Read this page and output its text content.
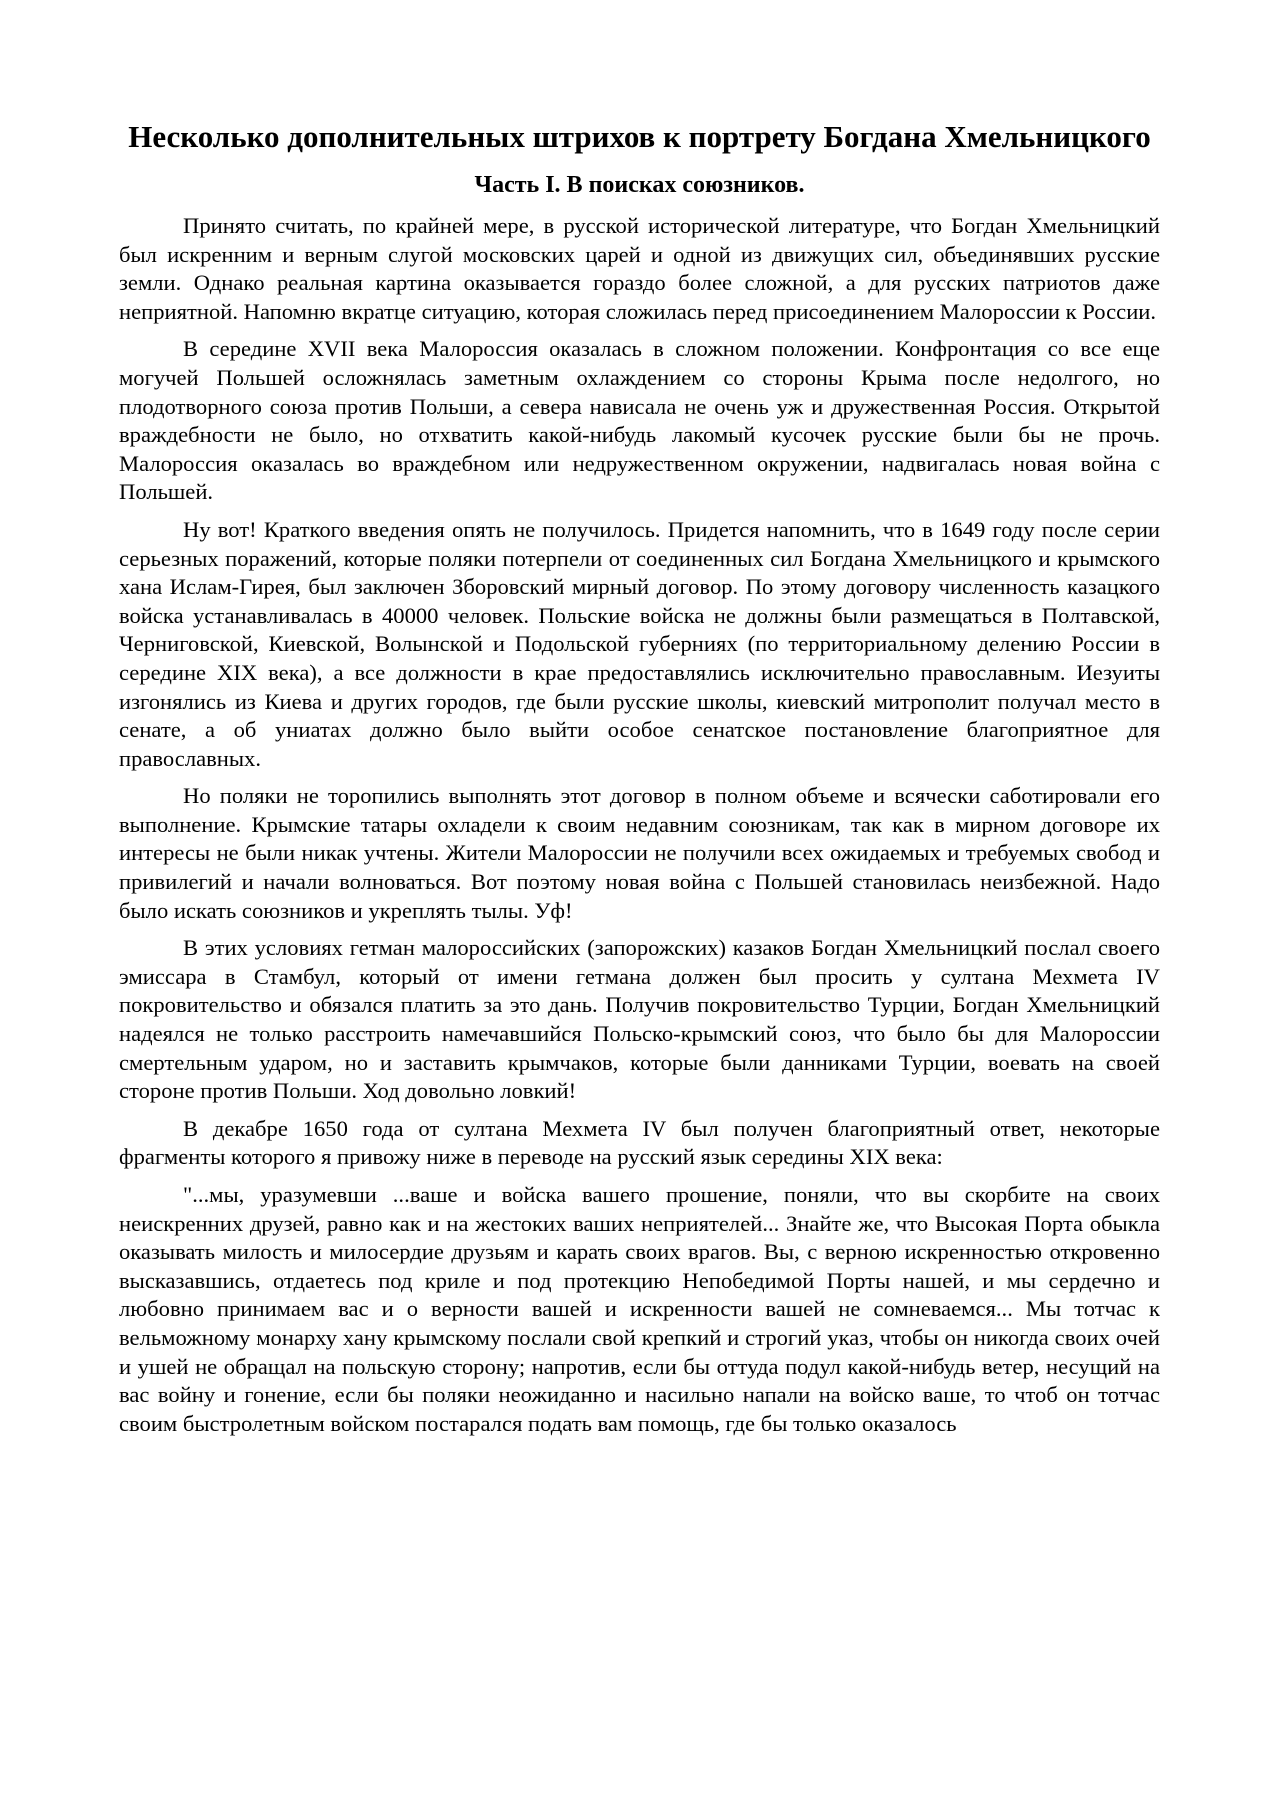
Несколько дополнительных штрихов к портрету Богдана Хмельницкого
Часть I. В поисках союзников.

Принято считать, по крайней мере, в русской исторической литературе, что Богдан Хмельницкий был искренним и верным слугой московских царей и одной из движущих сил, объединявших русские земли. Однако реальная картина оказывается гораздо более сложной, а для русских патриотов даже неприятной. Напомню вкратце ситуацию, которая сложилась перед присоединением Малороссии к России.

В середине XVII века Малороссия оказалась в сложном положении. Конфронтация со все еще могучей Польшей осложнялась заметным охлаждением со стороны Крыма после недолгого, но плодотворного союза против Польши, а севера нависала не очень уж и дружественная Россия. Открытой враждебности не было, но отхватить какой-нибудь лакомый кусочек русские были бы не прочь. Малороссия оказалась во враждебном или недружественном окружении, надвигалась новая война с Польшей.

Ну вот! Краткого введения опять не получилось. Придется напомнить, что в 1649 году после серии серьезных поражений, которые поляки потерпели от соединенных сил Богдана Хмельницкого и крымского хана Ислам-Гирея, был заключен Зборовский мирный договор. По этому договору численность казацкого войска устанавливалась в 40000 человек. Польские войска не должны были размещаться в Полтавской, Черниговской, Киевской, Волынской и Подольской губерниях (по территориальному делению России в середине XIX века), а все должности в крае предоставлялись исключительно православным. Иезуиты изгонялись из Киева и других городов, где были русские школы, киевский митрополит получал место в сенате, а об униатах должно было выйти особое сенатское постановление благоприятное для православных.

Но поляки не торопились выполнять этот договор в полном объеме и всячески саботировали его выполнение. Крымские татары охладели к своим недавним союзникам, так как в мирном договоре их интересы не были никак учтены. Жители Малороссии не получили всех ожидаемых и требуемых свобод и привилегий и начали волноваться. Вот поэтому новая война с Польшей становилась неизбежной. Надо было искать союзников и укреплять тылы. Уф!

В этих условиях гетман малороссийских (запорожских) казаков Богдан Хмельницкий послал своего эмиссара в Стамбул, который от имени гетмана должен был просить у султана Мехмета IV покровительство и обязался платить за это дань. Получив покровительство Турции, Богдан Хмельницкий надеялся не только расстроить намечавшийся Польско-крымский союз, что было бы для Малороссии смертельным ударом, но и заставить крымчаков, которые были данниками Турции, воевать на своей стороне против Польши. Ход довольно ловкий!

В декабре 1650 года от султана Мехмета IV был получен благоприятный ответ, некоторые фрагменты которого я привожу ниже в переводе на русский язык середины XIX века:

"...мы, уразумевши ...ваше и войска вашего прошение, поняли, что вы скорбите на своих неискренних друзей, равно как и на жестоких ваших неприятелей... Знайте же, что Высокая Порта обыкла оказывать милость и милосердие друзьям и карать своих врагов. Вы, с верною искренностью откровенно высказавшись, отдаетесь под криле и под протекцию Непобедимой Порты нашей, и мы сердечно и любовно принимаем вас и о верности вашей и искренности вашей не сомневаемся... Мы тотчас к вельможному монарху хану крымскому послали свой крепкий и строгий указ, чтобы он никогда своих очей и ушей не обращал на польскую сторону; напротив, если бы оттуда подул какой-нибудь ветер, несущий на вас войну и гонение, если бы поляки неожиданно и насильно напали на войско ваше, то чтоб он тотчас своим быстролетным войском постарался подать вам помощь, где бы только оказалось
